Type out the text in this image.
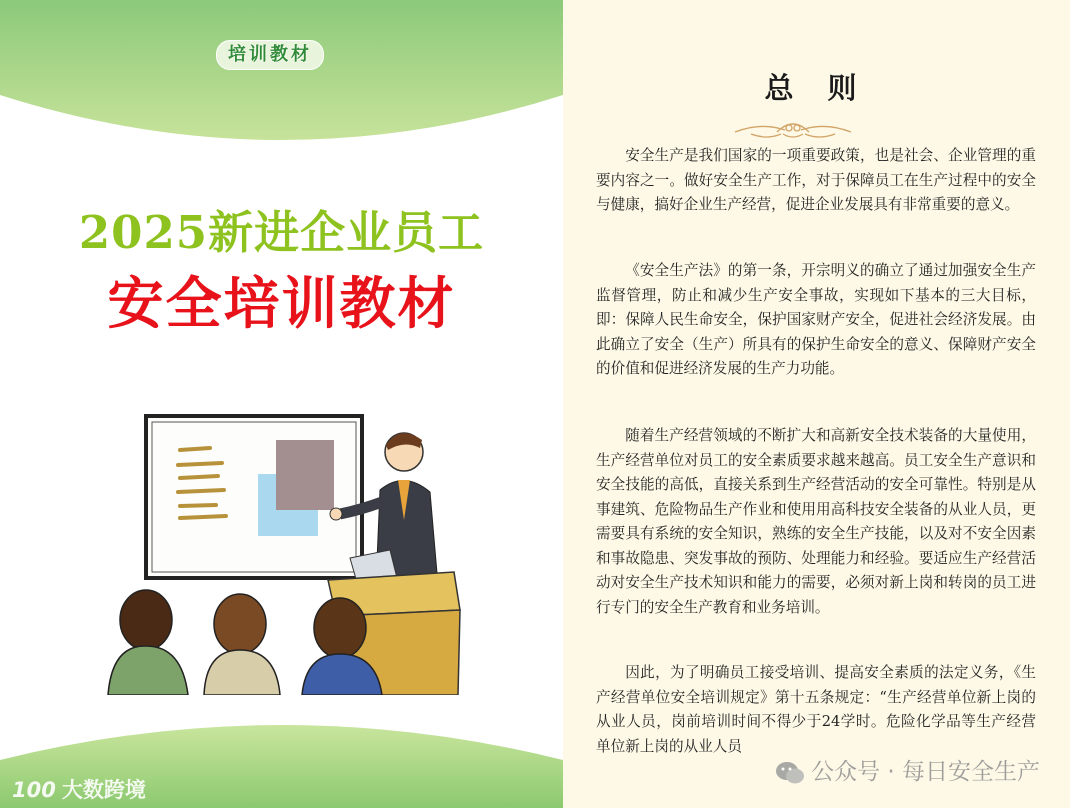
培训教材
2025新进企业员工
安全培训教材
100 大数跨境
总 则

安全生产是我们国家的一项重要政策，也是社会、企业管理的重要内容之一。做好安全生产工作，对于保障员工在生产过程中的安全与健康，搞好企业生产经营，促进企业发展具有非常重要的意义。

《安全生产法》的第一条，开宗明义的确立了通过加强安全生产监督管理，防止和减少生产安全事故，实现如下基本的三大目标，即：保障人民生命安全，保护国家财产安全，促进社会经济发展。由此确立了安全（生产）所具有的保护生命安全的意义、保障财产安全的价值和促进经济发展的生产力功能。

随着生产经营领域的不断扩大和高新安全技术装备的大量使用，生产经营单位对员工的安全素质要求越来越高。员工安全生产意识和安全技能的高低，直接关系到生产经营活动的安全可靠性。特别是从事建筑、危险物品生产作业和使用用高科技安全装备的从业人员，更需要具有系统的安全知识，熟练的安全生产技能，以及对不安全因素和事故隐患、突发事故的预防、处理能力和经验。要适应生产经营活动对安全生产技术知识和能力的需要，必须对新上岗和转岗的员工进行专门的安全生产教育和业务培训。

因此，为了明确员工接受培训、提高安全素质的法定义务，《生产经营单位安全培训规定》第十五条规定：“生产经营单位新上岗的从业人员，岗前培训时间不得少于24学时。危险化学品等生产经营单位新上岗的从业人员

公众号 · 每日安全生产
